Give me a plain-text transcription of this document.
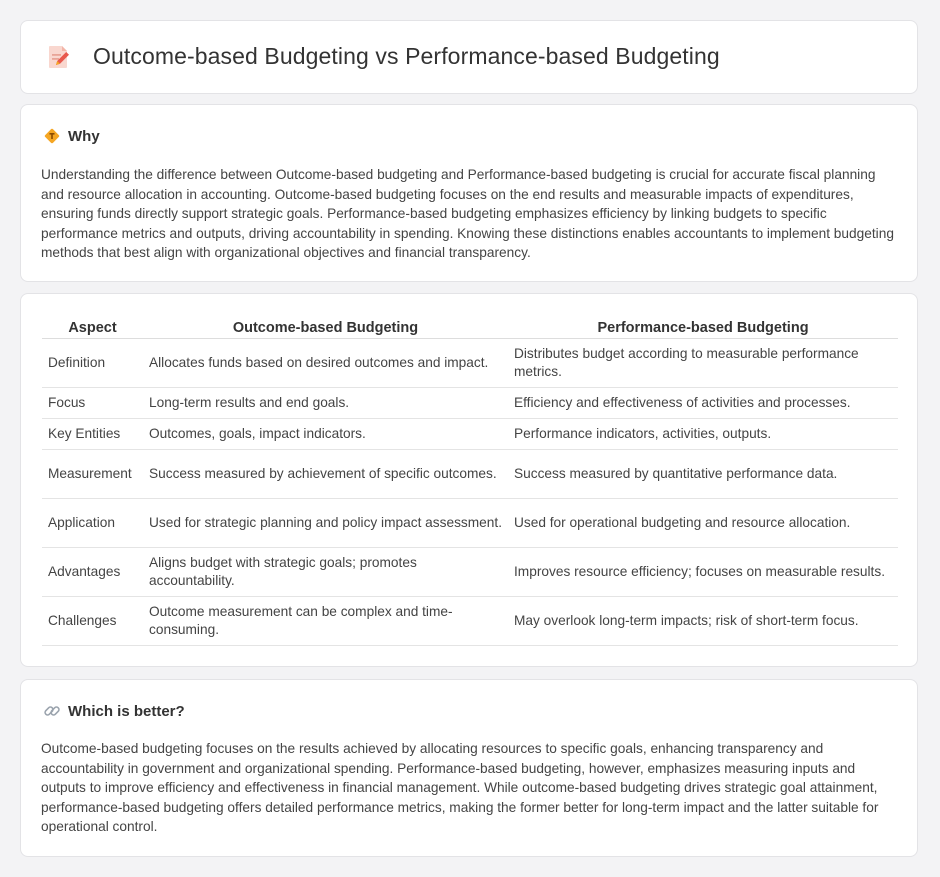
Outcome-based Budgeting vs Performance-based Budgeting
Why
Understanding the difference between Outcome-based budgeting and Performance-based budgeting is crucial for accurate fiscal planning and resource allocation in accounting. Outcome-based budgeting focuses on the end results and measurable impacts of expenditures, ensuring funds directly support strategic goals. Performance-based budgeting emphasizes efficiency by linking budgets to specific performance metrics and outputs, driving accountability in spending. Knowing these distinctions enables accountants to implement budgeting methods that best align with organizational objectives and financial transparency.
Aspect	Outcome-based Budgeting	Performance-based Budgeting
Definition	Allocates funds based on desired outcomes and impact.	Distributes budget according to measurable performance metrics.
Focus	Long-term results and end goals.	Efficiency and effectiveness of activities and processes.
Key Entities	Outcomes, goals, impact indicators.	Performance indicators, activities, outputs.
Measurement	Success measured by achievement of specific outcomes.	Success measured by quantitative performance data.
Application	Used for strategic planning and policy impact assessment.	Used for operational budgeting and resource allocation.
Advantages	Aligns budget with strategic goals; promotes accountability.	Improves resource efficiency; focuses on measurable results.
Challenges	Outcome measurement can be complex and time-consuming.	May overlook long-term impacts; risk of short-term focus.
Which is better?
Outcome-based budgeting focuses on the results achieved by allocating resources to specific goals, enhancing transparency and accountability in government and organizational spending. Performance-based budgeting, however, emphasizes measuring inputs and outputs to improve efficiency and effectiveness in financial management. While outcome-based budgeting drives strategic goal attainment, performance-based budgeting offers detailed performance metrics, making the former better for long-term impact and the latter suitable for operational control.
